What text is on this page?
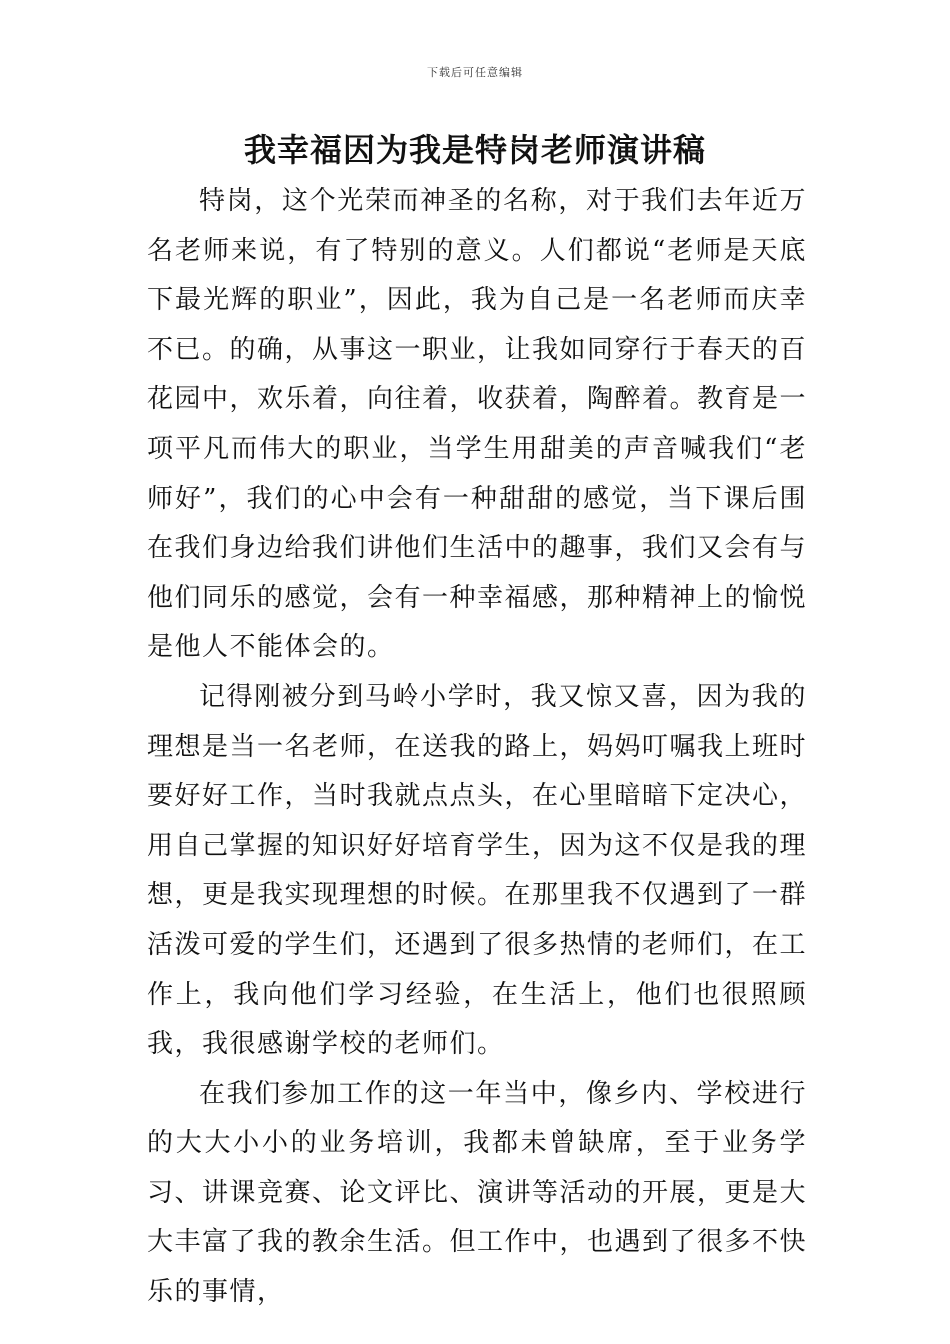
下载后可任意编辑
我幸福因为我是特岗老师演讲稿

特岗，这个光荣而神圣的名称，对于我们去年近万名老师来说，有了特别的意义。人们都说“老师是天底下最光辉的职业”，因此，我为自己是一名老师而庆幸不已。的确，从事这一职业，让我如同穿行于春天的百花园中，欢乐着，向往着，收获着，陶醉着。教育是一项平凡而伟大的职业，当学生用甜美的声音喊我们“老师好”，我们的心中会有一种甜甜的感觉，当下课后围在我们身边给我们讲他们生活中的趣事，我们又会有与他们同乐的感觉，会有一种幸福感，那种精神上的愉悦是他人不能体会的。

记得刚被分到马岭小学时，我又惊又喜，因为我的理想是当一名老师，在送我的路上，妈妈叮嘱我上班时要好好工作，当时我就点点头，在心里暗暗下定决心，用自己掌握的知识好好培育学生，因为这不仅是我的理想，更是我实现理想的时候。在那里我不仅遇到了一群活泼可爱的学生们，还遇到了很多热情的老师们，在工作上，我向他们学习经验，在生活上，他们也很照顾我，我很感谢学校的老师们。

在我们参加工作的这一年当中，像乡内、学校进行的大大小小的业务培训，我都未曾缺席，至于业务学习、讲课竞赛、论文评比、演讲等活动的开展，更是大大丰富了我的教余生活。但工作中，也遇到了很多不快乐的事情，
